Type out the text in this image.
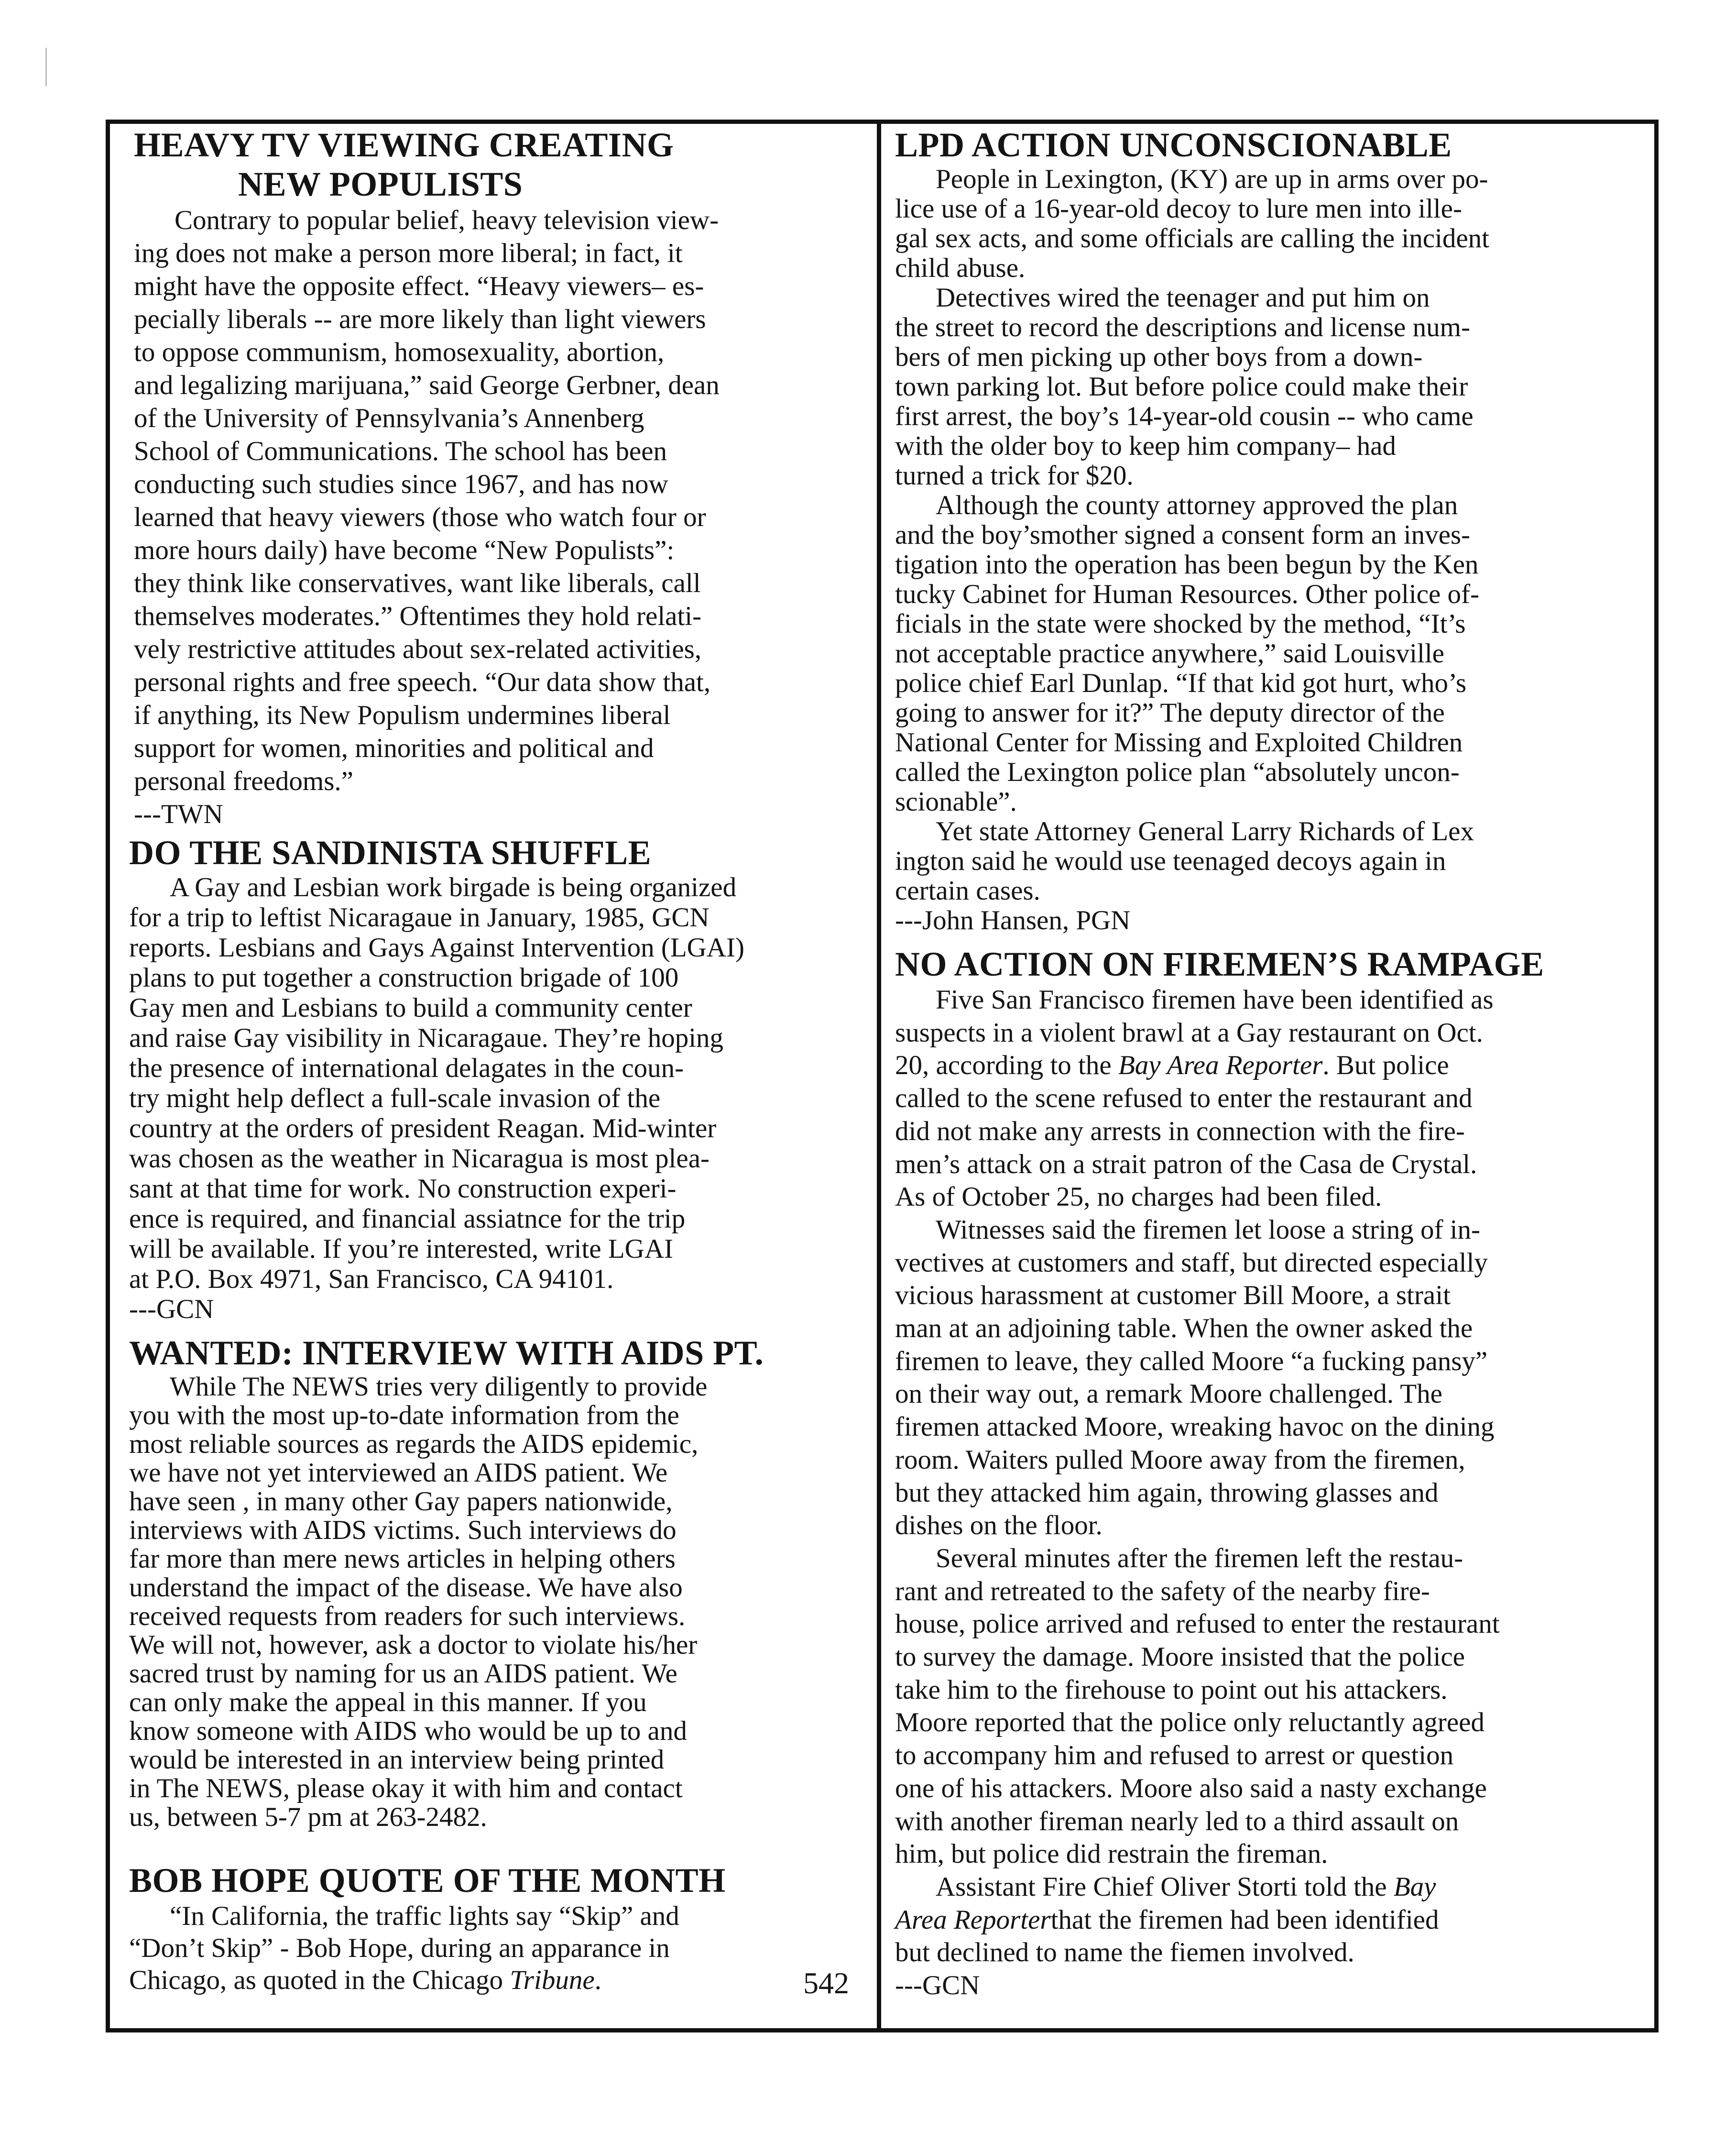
HEAVY TV VIEWING CREATING
NEW POPULISTS
Contrary to popular belief, heavy television view-
ing does not make a person more liberal; in fact, it
might have the opposite effect. “Heavy viewers– es-
pecially liberals -- are more likely than light viewers
to oppose communism, homosexuality, abortion,
and legalizing marijuana,” said George Gerbner, dean
of the University of Pennsylvania’s Annenberg
School of Communications. The school has been
conducting such studies since 1967, and has now
learned that heavy viewers (those who watch four or
more hours daily) have become “New Populists”:
they think like conservatives, want like liberals, call
themselves moderates.” Oftentimes they hold relati-
vely restrictive attitudes about sex-related activities,
personal rights and free speech. “Our data show that,
if anything, its New Populism undermines liberal
support for women, minorities and political and
personal freedoms.”
---TWN
DO THE SANDINISTA SHUFFLE
A Gay and Lesbian work birgade is being organized
for a trip to leftist Nicaragaue in January, 1985, GCN
reports. Lesbians and Gays Against Intervention (LGAI)
plans to put together a construction brigade of 100
Gay men and Lesbians to build a community center
and raise Gay visibility in Nicaragaue. They’re hoping
the presence of international delagates in the coun-
try might help deflect a full-scale invasion of the
country at the orders of president Reagan. Mid-winter
was chosen as the weather in Nicaragua is most plea-
sant at that time for work. No construction experi-
ence is required, and financial assiatnce for the trip
will be available. If you’re interested, write LGAI
at P.O. Box 4971, San Francisco, CA 94101.
---GCN
WANTED: INTERVIEW WITH AIDS PT.
While The NEWS tries very diligently to provide
you with the most up-to-date information from the
most reliable sources as regards the AIDS epidemic,
we have not yet interviewed an AIDS patient. We
have seen , in many other Gay papers nationwide,
interviews with AIDS victims. Such interviews do
far more than mere news articles in helping others
understand the impact of the disease. We have also
received requests from readers for such interviews.
We will not, however, ask a doctor to violate his/her
sacred trust by naming for us an AIDS patient. We
can only make the appeal in this manner. If you
know someone with AIDS who would be up to and
would be interested in an interview being printed
in The NEWS, please okay it with him and contact
us, between 5-7 pm at 263-2482.
BOB HOPE QUOTE OF THE MONTH
“In California, the traffic lights say “Skip” and
“Don’t Skip” - Bob Hope, during an apparance in
Chicago, as quoted in the Chicago Tribune.	542
LPD ACTION UNCONSCIONABLE
People in Lexington, (KY) are up in arms over po-
lice use of a 16-year-old decoy to lure men into ille-
gal sex acts, and some officials are calling the incident
child abuse.
Detectives wired the teenager and put him on
the street to record the descriptions and license num-
bers of men picking up other boys from a down-
town parking lot. But before police could make their
first arrest, the boy’s 14-year-old cousin -- who came
with the older boy to keep him company– had
turned a trick for $20.
Although the county attorney approved the plan
and the boy’smother signed a consent form an inves-
tigation into the operation has been begun by the Ken
tucky Cabinet for Human Resources. Other police of-
ficials in the state were shocked by the method, “It’s
not acceptable practice anywhere,” said Louisville
police chief Earl Dunlap. “If that kid got hurt, who’s
going to answer for it?” The deputy director of the
National Center for Missing and Exploited Children
called the Lexington police plan “absolutely uncon-
scionable”.
Yet state Attorney General Larry Richards of Lex
ington said he would use teenaged decoys again in
certain cases.
---John Hansen, PGN
NO ACTION ON FIREMEN’S RAMPAGE
Five San Francisco firemen have been identified as
suspects in a violent brawl at a Gay restaurant on Oct.
20, according to the Bay Area Reporter. But police
called to the scene refused to enter the restaurant and
did not make any arrests in connection with the fire-
men’s attack on a strait patron of the Casa de Crystal.
As of October 25, no charges had been filed.
Witnesses said the firemen let loose a string of in-
vectives at customers and staff, but directed especially
vicious harassment at customer Bill Moore, a strait
man at an adjoining table. When the owner asked the
firemen to leave, they called Moore “a fucking pansy”
on their way out, a remark Moore challenged. The
firemen attacked Moore, wreaking havoc on the dining
room. Waiters pulled Moore away from the firemen,
but they attacked him again, throwing glasses and
dishes on the floor.
Several minutes after the firemen left the restau-
rant and retreated to the safety of the nearby fire-
house, police arrived and refused to enter the restaurant
to survey the damage. Moore insisted that the police
take him to the firehouse to point out his attackers.
Moore reported that the police only reluctantly agreed
to accompany him and refused to arrest or question
one of his attackers. Moore also said a nasty exchange
with another fireman nearly led to a third assault on
him, but police did restrain the fireman.
Assistant Fire Chief Oliver Storti told the Bay
Area Reporterthat the firemen had been identified
but declined to name the fiemen involved.
---GCN
